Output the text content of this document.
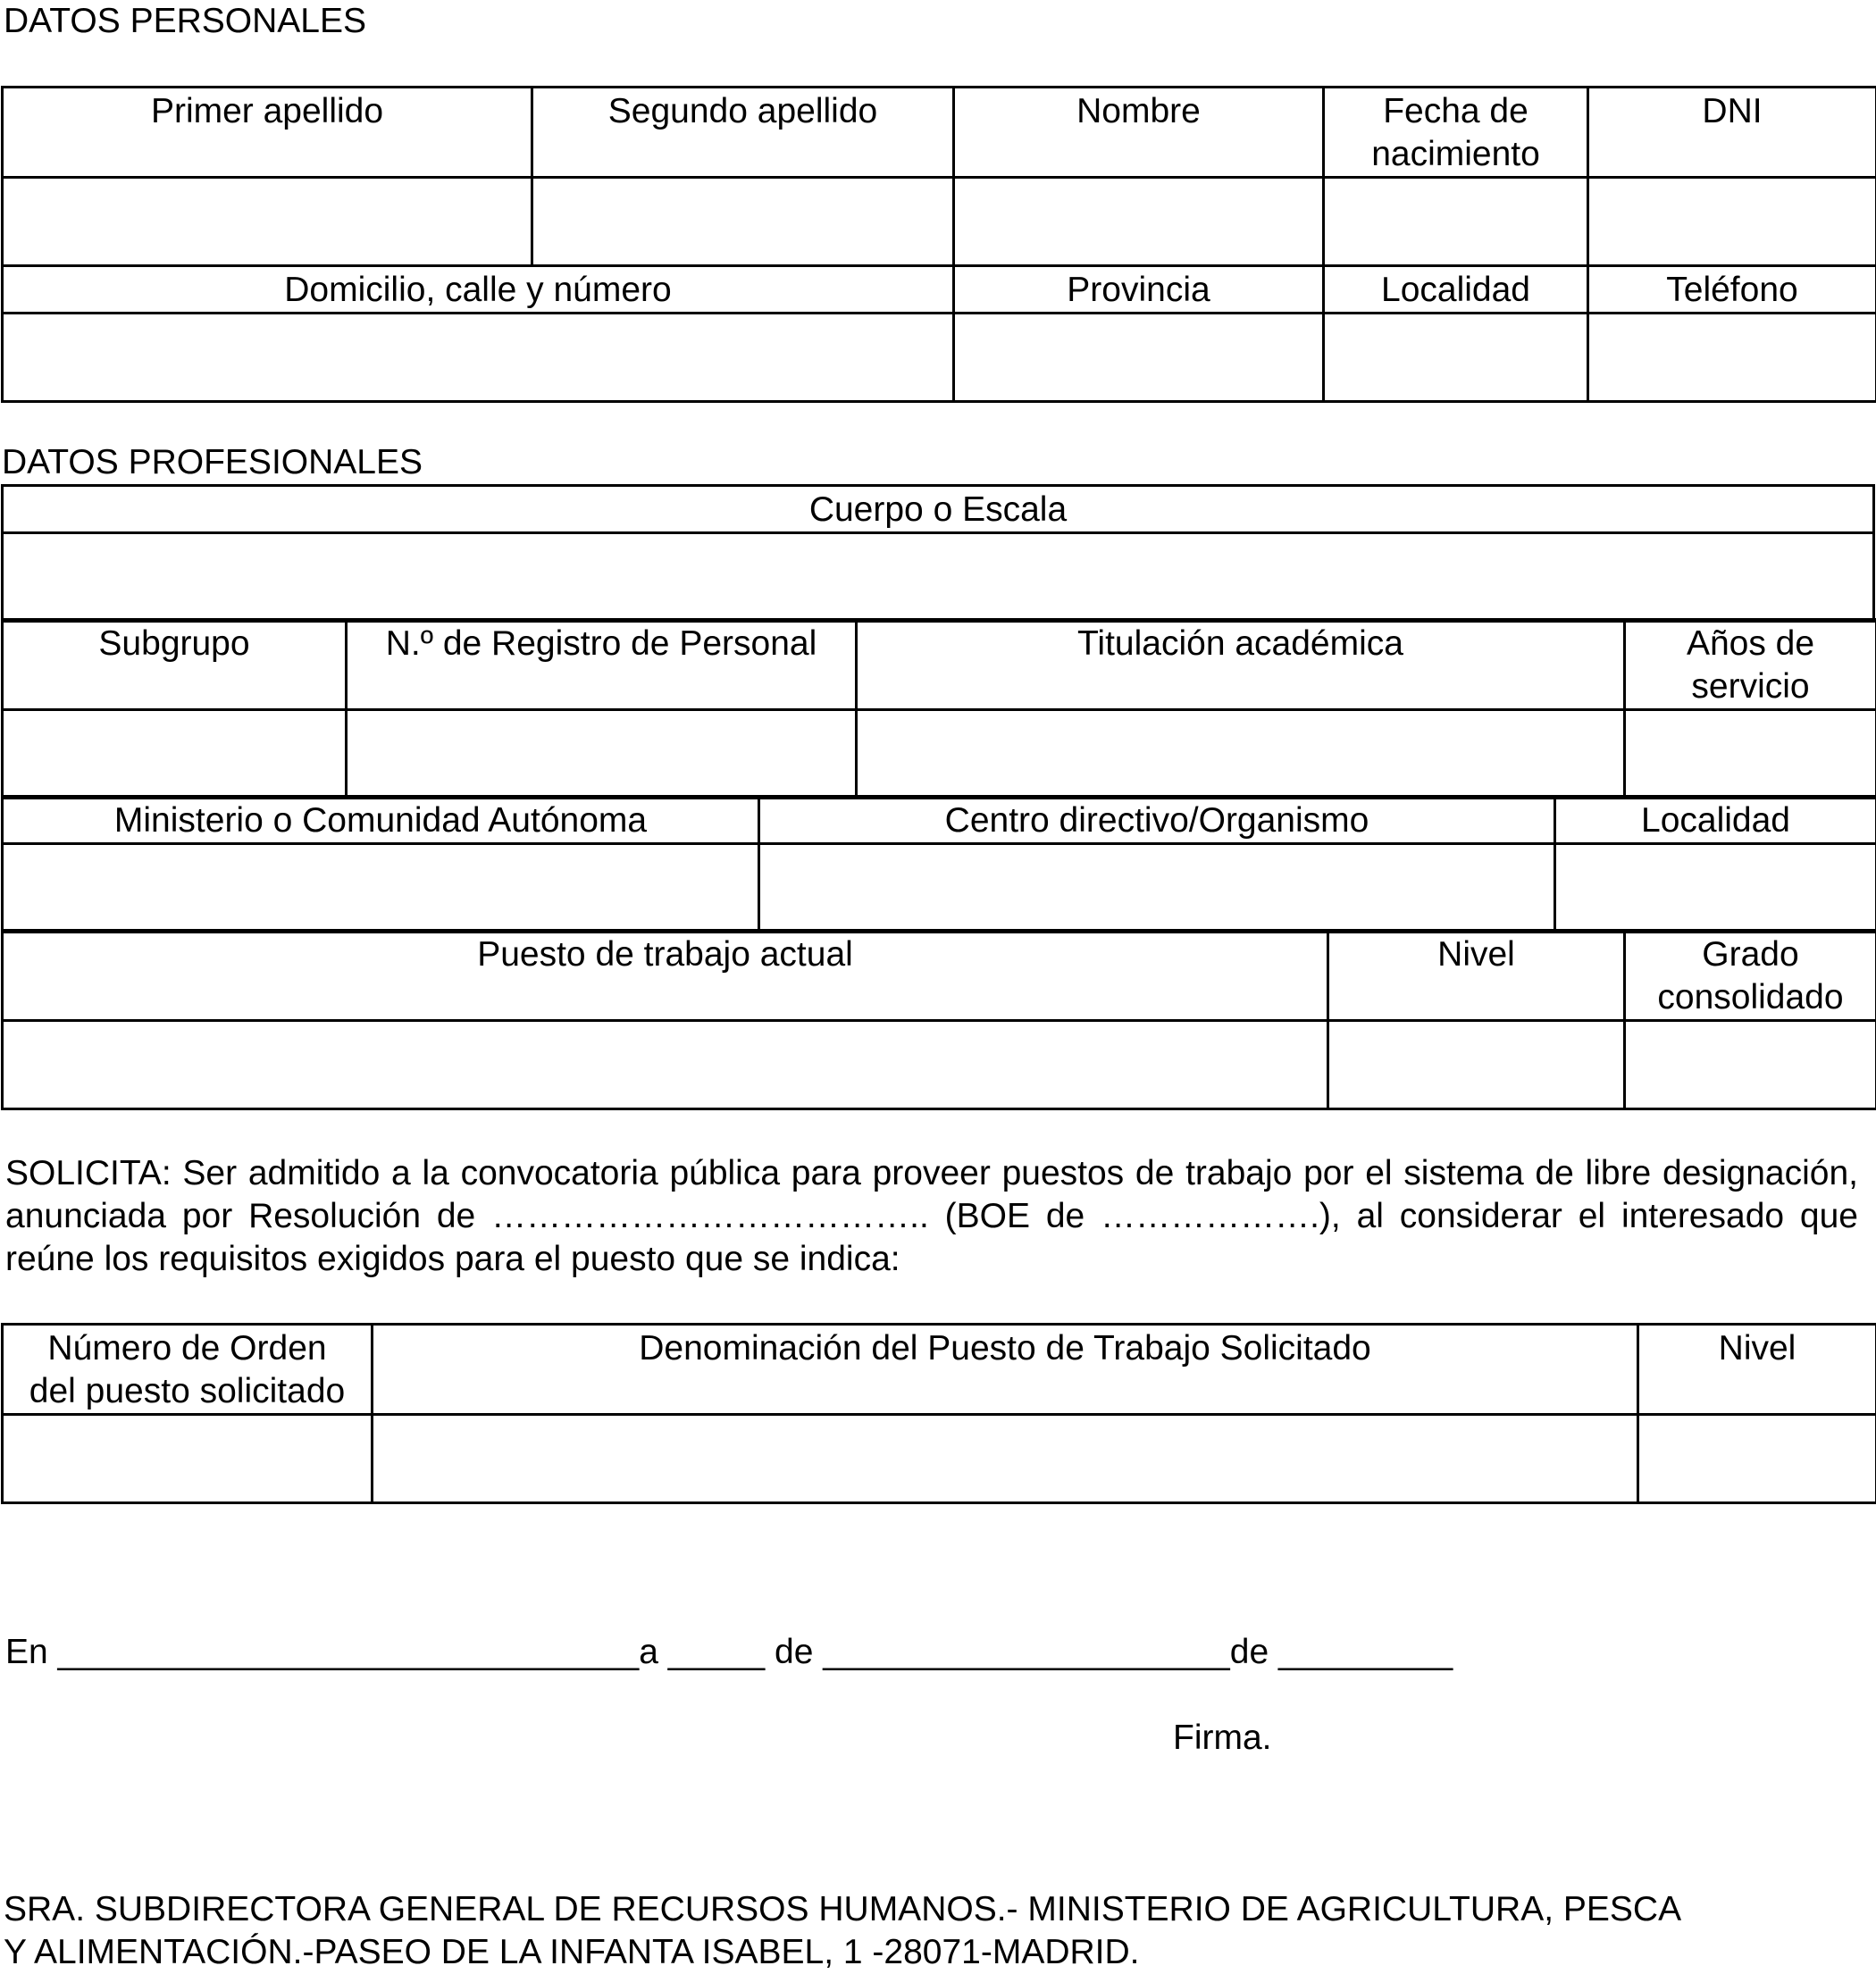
DATOS PERSONALES
Primer apellido	Segundo apellido	Nombre	Fecha de
nacimiento	DNI

Domicilio, calle y número		Provincia	Localidad	Teléfono

DATOS PROFESIONALES
Cuerpo o Escala

Subgrupo	N.º de Registro de Personal	Titulación académica	Años de
servicio

Ministerio o Comunidad Autónoma	Centro directivo/Organismo	Localidad

Puesto de trabajo actual	Nivel	Grado
consolidado

SOLICITA: Ser admitido a la convocatoria pública para proveer puestos de trabajo por el sistema de libre designación, anunciada por Resolución de ……………………………….. (BOE de ……………….), al considerar el interesado que reúne los requisitos exigidos para el puesto que se indica:
Número de Orden
del puesto solicitado	Denominación del Puesto de Trabajo Solicitado	Nivel

En ______________________________a _____ de _____________________de _________
Firma.
SRA. SUBDIRECTORA GENERAL DE RECURSOS HUMANOS.- MINISTERIO DE AGRICULTURA, PESCA
Y ALIMENTACIÓN.-PASEO DE LA INFANTA ISABEL, 1 -28071-MADRID.
